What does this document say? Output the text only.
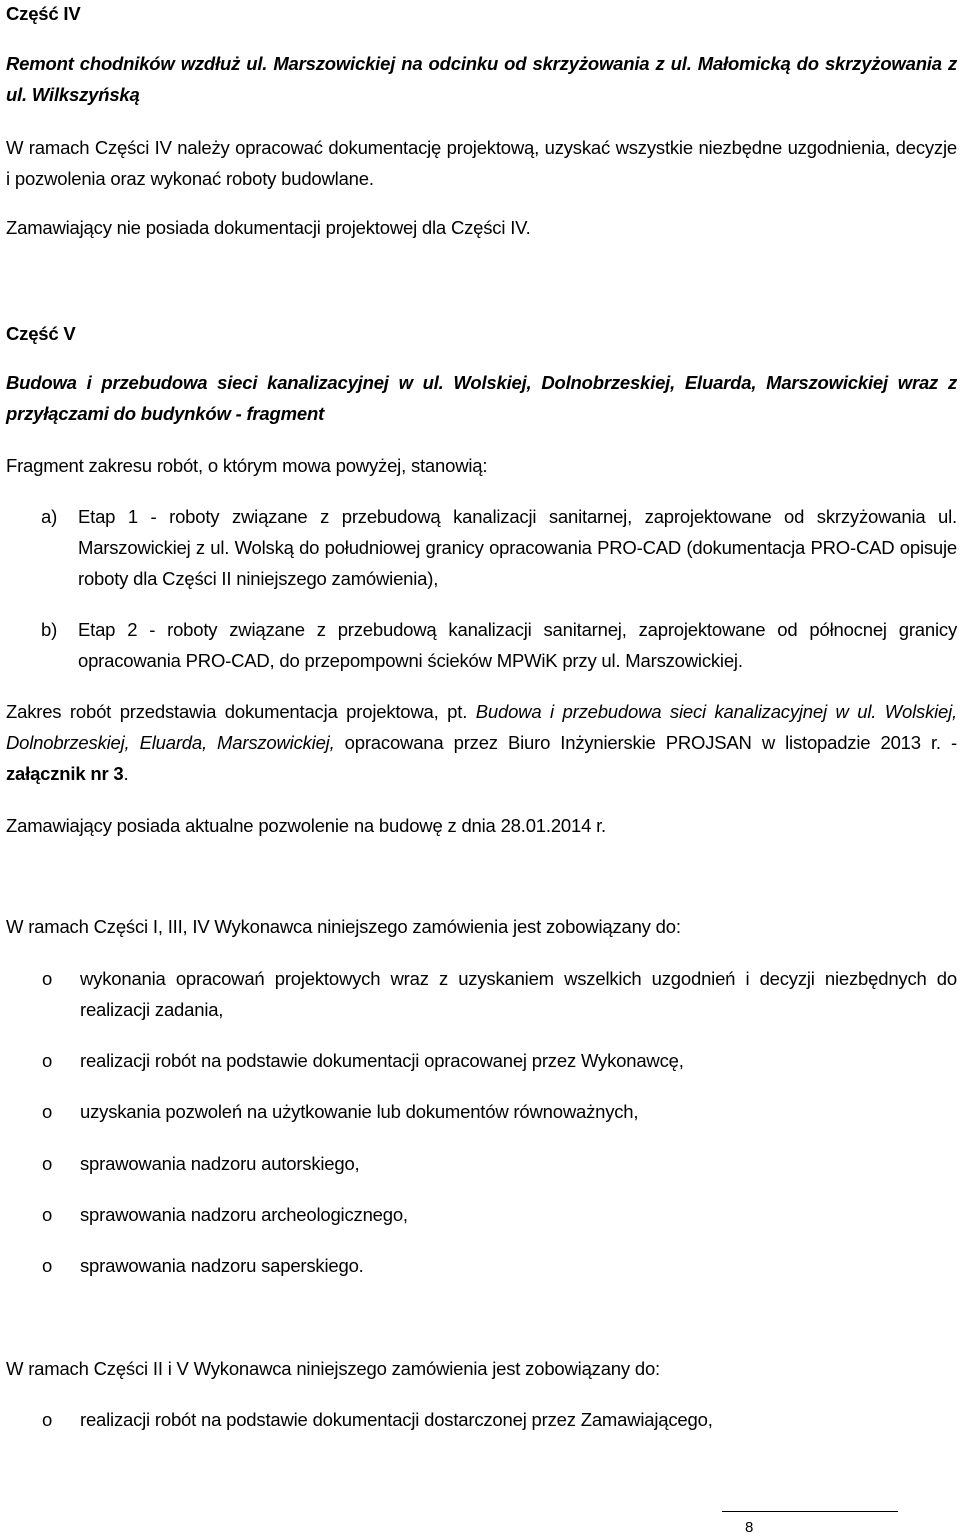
Część IV

Remont chodników wzdłuż ul. Marszowickiej na odcinku od skrzyżowania z ul. Małomicką do skrzyżowania z ul. Wilkszyńską

W ramach Części IV należy opracować dokumentację projektową, uzyskać wszystkie niezbędne uzgodnienia, decyzje i pozwolenia oraz wykonać roboty budowlane.

Zamawiający nie posiada dokumentacji projektowej dla Części IV.

Część V

Budowa i przebudowa sieci kanalizacyjnej w ul. Wolskiej, Dolnobrzeskiej, Eluarda, Marszowickiej wraz z przyłączami do budynków - fragment

Fragment zakresu robót, o którym mowa powyżej, stanowią:

a)	Etap 1 - roboty związane z przebudową kanalizacji sanitarnej, zaprojektowane od skrzyżowania ul. Marszowickiej z ul. Wolską do południowej granicy opracowania PRO-CAD (dokumentacja PRO-CAD opisuje roboty dla Części II niniejszego zamówienia),
b)	Etap 2 - roboty związane z przebudową kanalizacji sanitarnej, zaprojektowane od północnej granicy opracowania PRO-CAD, do przepompowni ścieków MPWiK przy ul. Marszowickiej.

Zakres robót przedstawia dokumentacja projektowa, pt. Budowa i przebudowa sieci kanalizacyjnej w ul. Wolskiej, Dolnobrzeskiej, Eluarda, Marszowickiej, opracowana przez Biuro Inżynierskie PROJSAN w listopadzie 2013 r. - załącznik nr 3.

Zamawiający posiada aktualne pozwolenie na budowę z dnia 28.01.2014 r.

W ramach Części I, III, IV Wykonawca niniejszego zamówienia jest zobowiązany do:

o wykonania opracowań projektowych wraz z uzyskaniem wszelkich uzgodnień i decyzji niezbędnych do realizacji zadania,
o realizacji robót na podstawie dokumentacji opracowanej przez Wykonawcę,
o uzyskania pozwoleń na użytkowanie lub dokumentów równoważnych,
o sprawowania nadzoru autorskiego,
o sprawowania nadzoru archeologicznego,
o sprawowania nadzoru saperskiego.

W ramach Części II i V Wykonawca niniejszego zamówienia jest zobowiązany do:

o realizacji robót na podstawie dokumentacji dostarczonej przez Zamawiającego,
8
